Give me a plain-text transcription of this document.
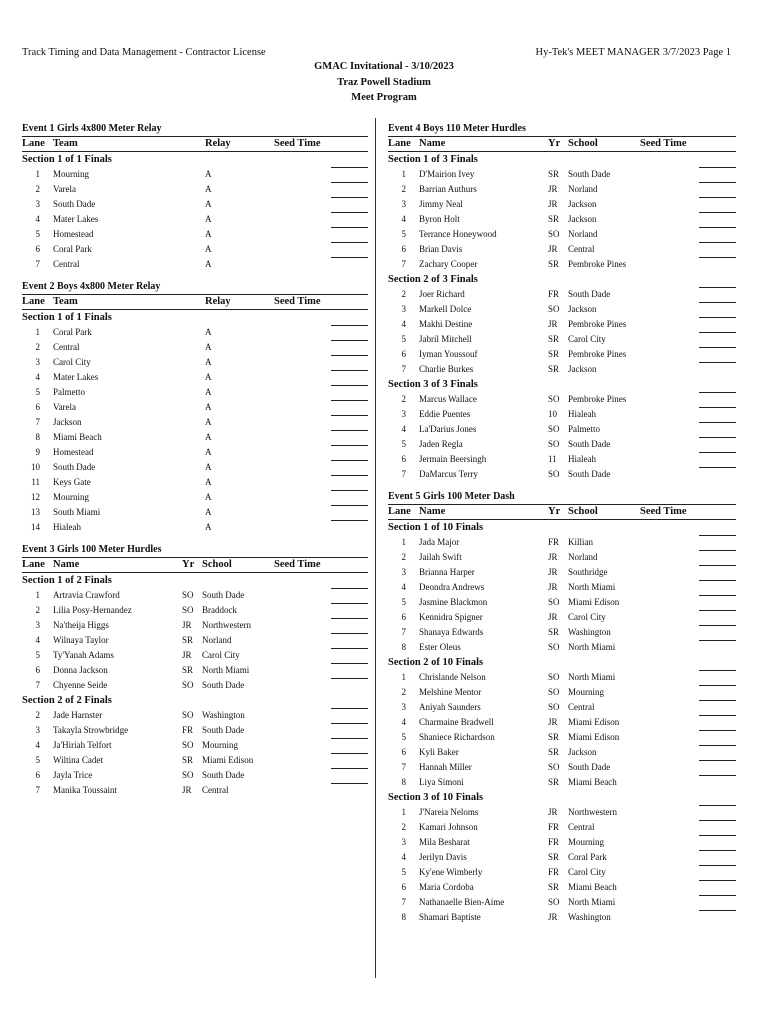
Track Timing and Data Management - Contractor License	Hy-Tek's MEET MANAGER 3/7/2023 Page 1
GMAC Invitational - 3/10/2023
Traz Powell Stadium
Meet Program
Event 1 Girls 4x800 Meter Relay
Lane Team	Relay	Seed Time
Section 1 of 1 Finals
1 Mourning	A
2 Varela	A
3 South Dade	A
4 Mater Lakes	A
5 Homestead	A
6 Coral Park	A
7 Central	A
Event 2 Boys 4x800 Meter Relay
Lane Team	Relay	Seed Time
Section 1 of 1 Finals
1 Coral Park	A
2 Central	A
3 Carol City	A
4 Mater Lakes	A
5 Palmetto	A
6 Varela	A
7 Jackson	A
8 Miami Beach	A
9 Homestead	A
10 South Dade	A
11 Keys Gate	A
12 Mourning	A
13 South Miami	A
14 Hialeah	A
Event 3 Girls 100 Meter Hurdles
Lane Name	Yr School	Seed Time
Section 1 of 2 Finals
1 Artravia Crawford	SO South Dade
2 Lilia Posy-Hernandez	SO Braddock
3 Na'theija Higgs	JR Northwestern
4 Wilnaya Taylor	SR Norland
5 Ty'Yanah Adams	JR Carol City
6 Donna Jackson	SR North Miami
7 Chyenne Seide	SO South Dade
Section 2 of 2 Finals
2 Jade Harnster	SO Washington
3 Takayla Strowbridge	FR South Dade
4 Ja'Hiriah Telfort	SO Mourning
5 Wiltina Cadet	SR Miami Edison
6 Jayla Trice	SO South Dade
7 Manika Toussaint	JR Central
Event 4 Boys 110 Meter Hurdles
Lane Name	Yr School	Seed Time
Section 1 of 3 Finals
1 D'Mairion Ivey	SR South Dade
2 Barrian Authurs	JR Norland
3 Jimmy Neal	JR Jackson
4 Byron Holt	SR Jackson
5 Terrance Honeywood	SO Norland
6 Brian Davis	JR Central
7 Zachary Cooper	SR Pembroke Pines
Section 2 of 3 Finals
2 Joer Richard	FR South Dade
3 Markell Dolce	SO Jackson
4 Makhi Destine	JR Pembroke Pines
5 Jabril Mitchell	SR Carol City
6 Iyman Youssouf	SR Pembroke Pines
7 Charlie Burkes	SR Jackson
Section 3 of 3 Finals
2 Marcus Wallace	SO Pembroke Pines
3 Eddie Puentes	10 Hialeah
4 La'Darius Jones	SO Palmetto
5 Jaden Regla	SO South Dade
6 Jermain Beersingh	11 Hialeah
7 DaMarcus Terry	SO South Dade
Event 5 Girls 100 Meter Dash
Lane Name	Yr School	Seed Time
Section 1 of 10 Finals
1 Jada Major	FR Killian
2 Jailah Swift	JR Norland
3 Brianna Harper	JR Southridge
4 Deondra Andrews	JR North Miami
5 Jasmine Blackmon	SO Miami Edison
6 Kennidra Spigner	JR Carol City
7 Shanaya Edwards	SR Washington
8 Ester Oleus	SO North Miami
Section 2 of 10 Finals
1 Chrislande Nelson	SO North Miami
2 Melshine Mentor	SO Mourning
3 Aniyah Saunders	SO Central
4 Charmaine Bradwell	JR Miami Edison
5 Shaniece Richardson	SR Miami Edison
6 Kyli Baker	SR Jackson
7 Hannah Miller	SO South Dade
8 Liya Simoni	SR Miami Beach
Section 3 of 10 Finals
1 J'Nareia Neloms	JR Northwestern
2 Kamari Johnson	FR Central
3 Mila Besharat	FR Mourning
4 Jerilyn Davis	SR Coral Park
5 Ky'ene Wimberly	FR Carol City
6 Maria Cordoba	SR Miami Beach
7 Nathanaelle Bien-Aime	SO North Miami
8 Shamari Baptiste	JR Washington
